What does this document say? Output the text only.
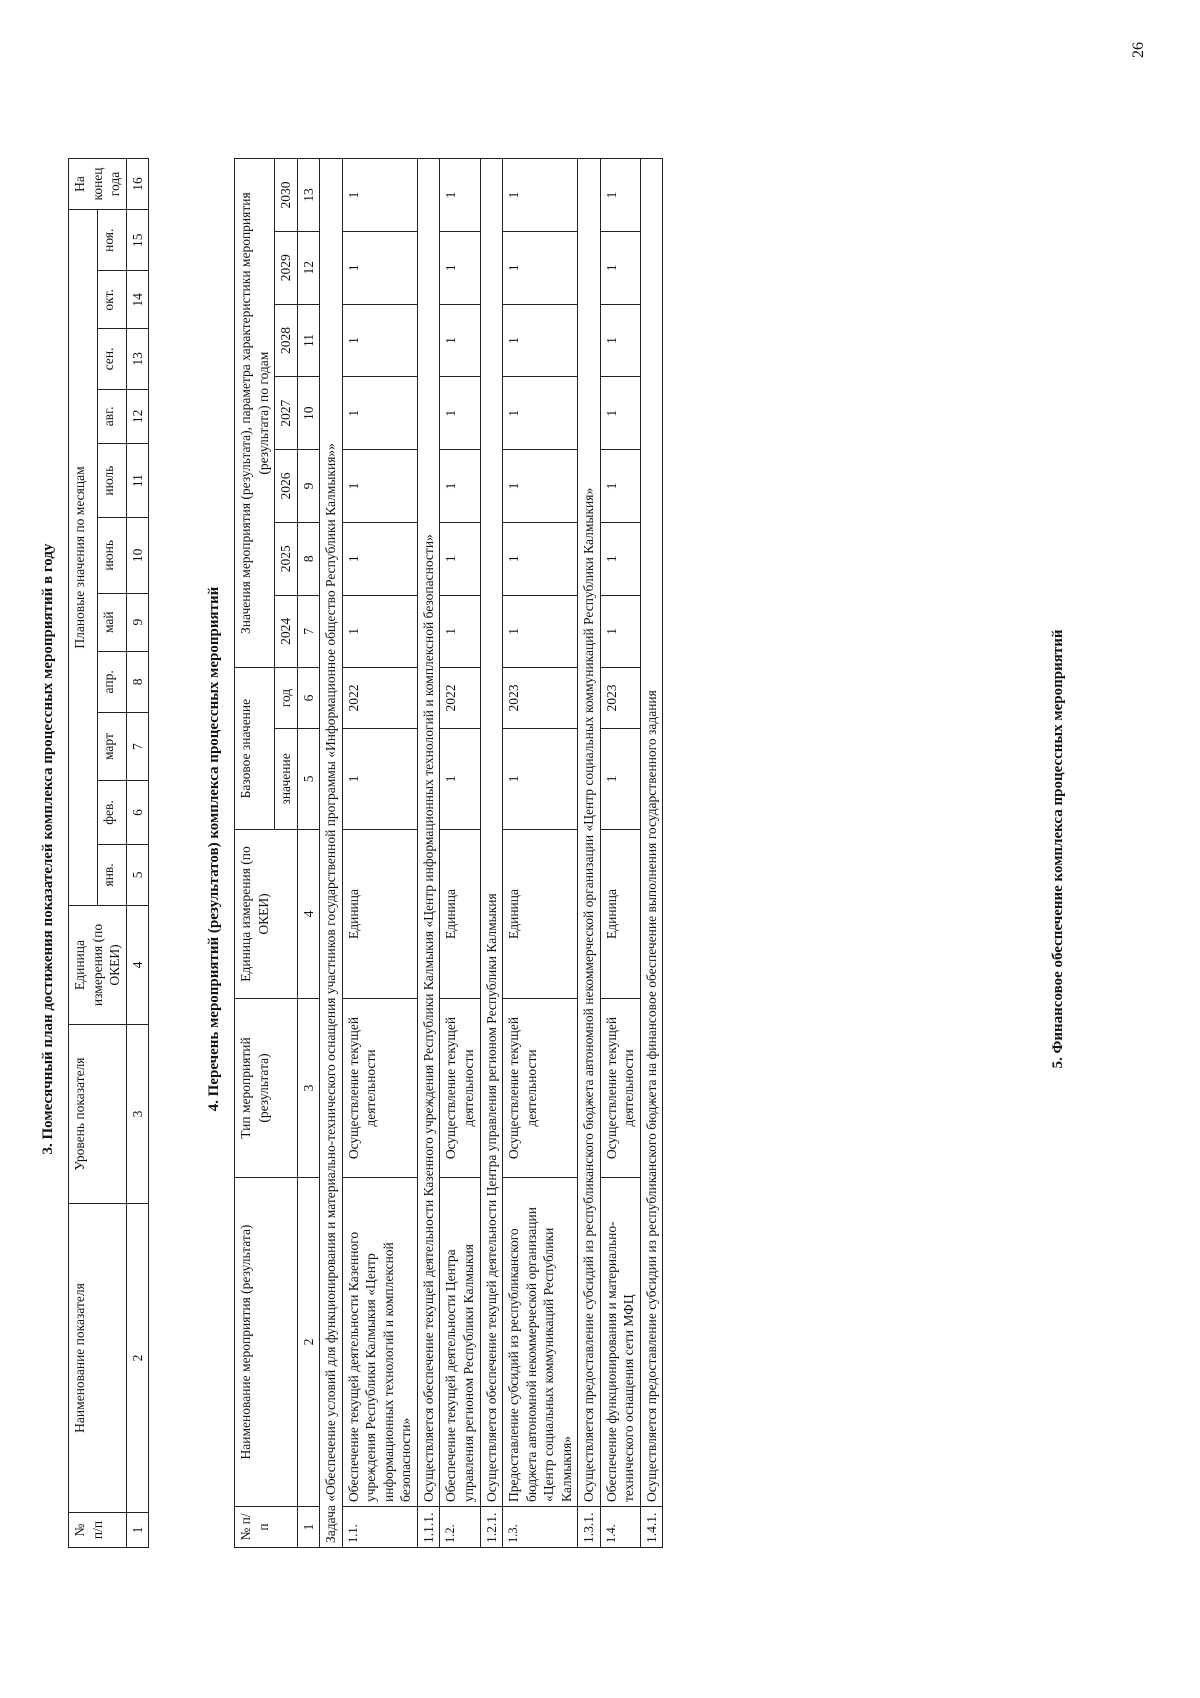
26
3. Помесячный план достижения показателей комплекса процессных мероприятий в году
№ п/п	Наименование показателя	Уровень показателя	Единица измерения (по ОКЕИ)	Плановые значения по месяцам											На конец года
				янв.	фев.	март	апр.	май	июнь	июль	авг.	сен.	окт.	ноя.	
1	2	3	4	5	6	7	8	9	10	11	12	13	14	15	16
4. Перечень мероприятий (результатов) комплекса процессных мероприятий
№ п/п	Наименование мероприятия (результата)	Тип мероприятий (результата)	Единица измерения (по ОКЕИ)	Базовое значение		Значения мероприятия (результата), параметра характеристики мероприятия (результата) по годам						

				значение	год	2024	2025	2026	2027	2028	2029	2030
1	2	3	4	5	6	7	8	9	10	11	12	13
Задача «Обеспечение условий для функционирования и материально-технического оснащения участников государственной программы «Информационное общество Республики Калмыкия»»												
1.1.	Обеспечение текущей деятельности Казенного учреждения Республики Калмыкия «Центр информационных технологий и комплексной безопасности»	Осуществление текущей деятельности	Единица	1	2022	1	1	1	1	1	1	1
1.1.1.	Осуществляется обеспечение текущей деятельности Казенного учреждения Республики Калмыкия «Центр информационных технологий и комплексной безопасности»											
1.2.	Обеспечение текущей деятельности Центра управления регионом Республики Калмыкия	Осуществление текущей деятельности	Единица	1	2022	1	1	1	1	1	1	1
1.2.1.	Осуществляется обеспечение текущей деятельности Центра управления регионом Республики Калмыкия											
1.3.	Предоставление субсидий из республиканского бюджета автономной некоммерческой организации «Центр социальных коммуникаций Республики Калмыкия»	Осуществление текущей деятельности	Единица	1	2023	1	1	1	1	1	1	1
1.3.1.	Осуществляется предоставление субсидий из республиканского бюджета автономной некоммерческой организации «Центр социальных коммуникаций Республики Калмыкия»											
1.4.	Обеспечение функционирования и материально-технического оснащения сети МФЦ	Осуществление текущей деятельности	Единица	1	2023	1	1	1	1	1	1	1
1.4.1.	Осуществляется предоставление субсидии из республиканского бюджета на финансовое обеспечение выполнения государственного задания												5. Финансовое обеспечение комплекса процессных мероприятий
